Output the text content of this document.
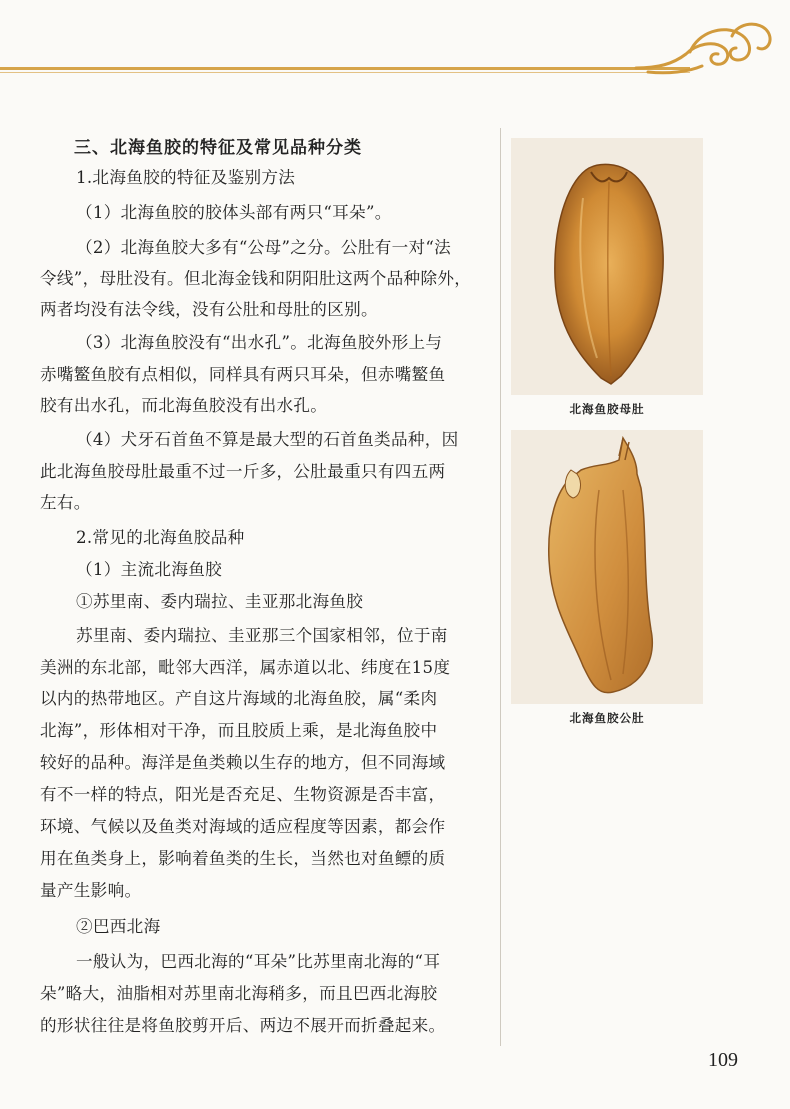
三、北海鱼胶的特征及常见品种分类
1.北海鱼胶的特征及鉴别方法
（1）北海鱼胶的胶体头部有两只“耳朵”。
（2）北海鱼胶大多有“公母”之分。公肚有一对“法
令线”，母肚没有。但北海金钱和阴阳肚这两个品种除外，
两者均没有法令线，没有公肚和母肚的区别。
（3）北海鱼胶没有“出水孔”。北海鱼胶外形上与
赤嘴鳘鱼胶有点相似，同样具有两只耳朵，但赤嘴鳘鱼
胶有出水孔，而北海鱼胶没有出水孔。
（4）犬牙石首鱼不算是最大型的石首鱼类品种，因
此北海鱼胶母肚最重不过一斤多，公肚最重只有四五两
左右。
2.常见的北海鱼胶品种
（1）主流北海鱼胶
①苏里南、委内瑞拉、圭亚那北海鱼胶
苏里南、委内瑞拉、圭亚那三个国家相邻，位于南
美洲的东北部，毗邻大西洋，属赤道以北、纬度在15度
以内的热带地区。产自这片海域的北海鱼胶，属“柔肉
北海”，形体相对干净，而且胶质上乘，是北海鱼胶中
较好的品种。海洋是鱼类赖以生存的地方，但不同海域
有不一样的特点，阳光是否充足、生物资源是否丰富，
环境、气候以及鱼类对海域的适应程度等因素，都会作
用在鱼类身上，影响着鱼类的生长，当然也对鱼鳔的质
量产生影响。
②巴西北海
一般认为，巴西北海的“耳朵”比苏里南北海的“耳
朵”略大，油脂相对苏里南北海稍多，而且巴西北海胶
的形状往往是将鱼胶剪开后、两边不展开而折叠起来。
北海鱼胶母肚
北海鱼胶公肚
109
